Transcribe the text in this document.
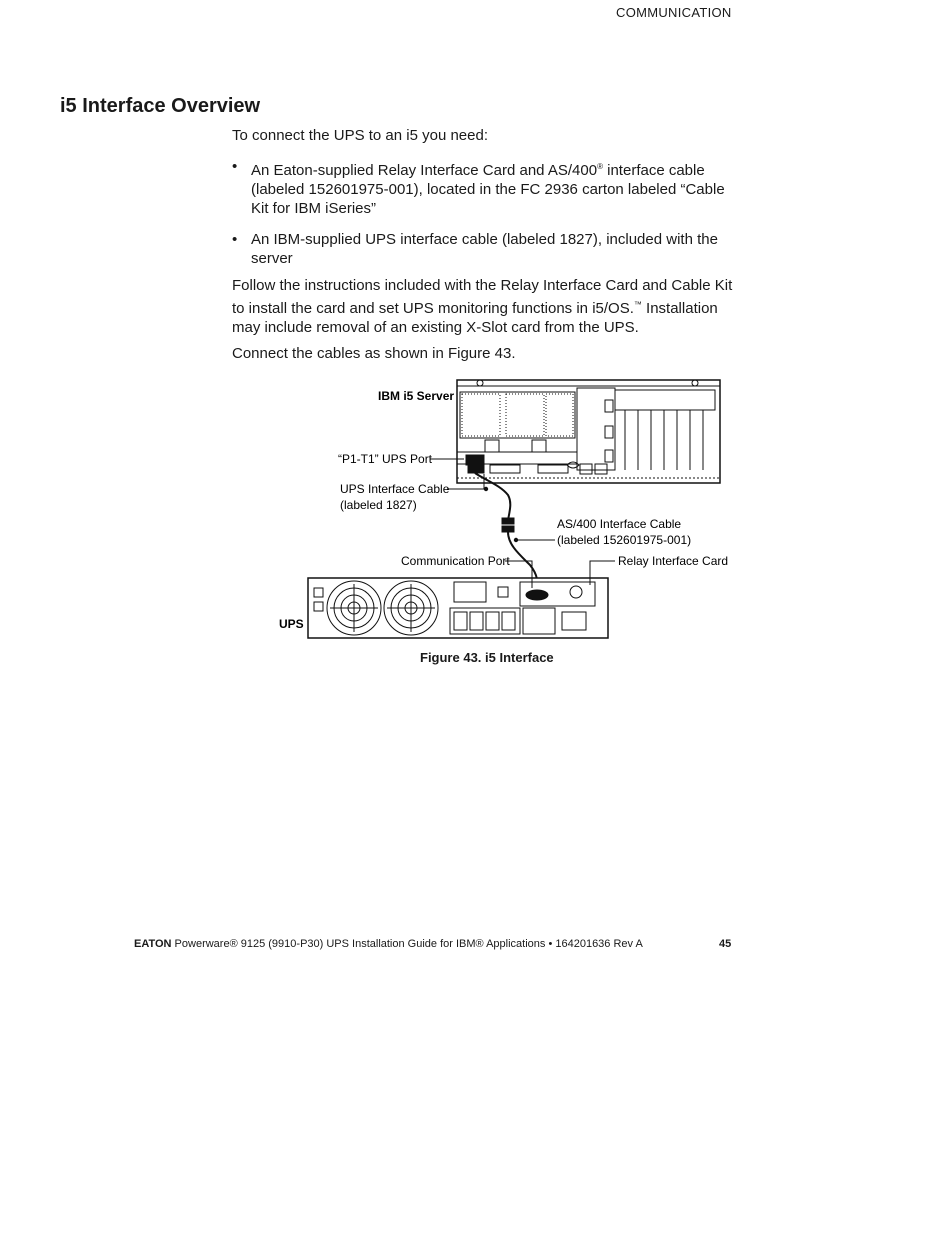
COMMUNICATION
i5 Interface Overview

To connect the UPS to an i5 you need:

• An Eaton-supplied Relay Interface Card and AS/400® interface cable (labeled 152601975-001), located in the FC 2936 carton labeled “Cable Kit for IBM iSeries”
• An IBM-supplied UPS interface cable (labeled 1827), included with the server

Follow the instructions included with the Relay Interface Card and Cable Kit to install the card and set UPS monitoring functions in i5/OS.™ Installation may include removal of an existing X-Slot card from the UPS.

Connect the cables as shown in Figure 43.

IBM i5 Server
“P1-T1” UPS Port
UPS Interface Cable
(labeled 1827)
AS/400 Interface Cable
(labeled 152601975-001)
Communication Port	Relay Interface Card
UPS
Figure 43. i5 Interface
EATON Powerware® 9125 (9910-P30) UPS Installation Guide for IBM® Applications • 164201636 Rev A	45
